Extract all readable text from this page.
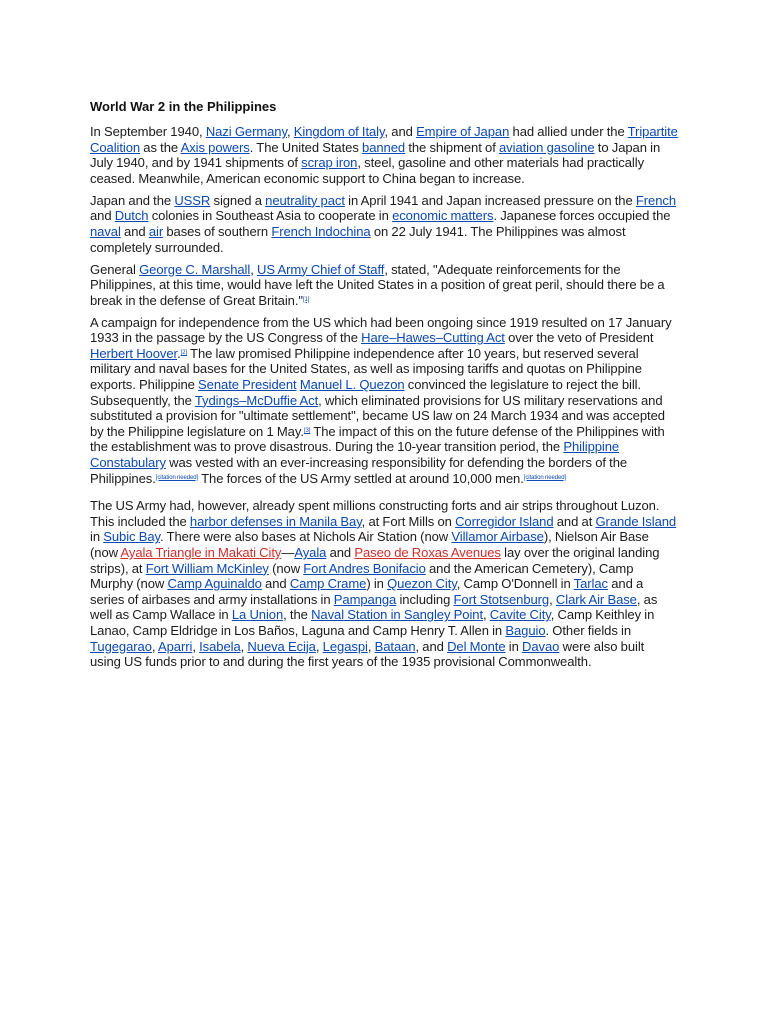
World War 2 in the Philippines

In September 1940, Nazi Germany, Kingdom of Italy, and Empire of Japan had allied under the Tripartite Coalition as the Axis powers. The United States banned the shipment of aviation gasoline to Japan in July 1940, and by 1941 shipments of scrap iron, steel, gasoline and other materials had practically ceased. Meanwhile, American economic support to China began to increase.

Japan and the USSR signed a neutrality pact in April 1941 and Japan increased pressure on the French and Dutch colonies in Southeast Asia to cooperate in economic matters. Japanese forces occupied the naval and air bases of southern French Indochina on 22 July 1941. The Philippines was almost completely surrounded.

General George C. Marshall, US Army Chief of Staff, stated, "Adequate reinforcements for the Philippines, at this time, would have left the United States in a position of great peril, should there be a break in the defense of Great Britain."[1]

A campaign for independence from the US which had been ongoing since 1919 resulted on 17 January 1933 in the passage by the US Congress of the Hare–Hawes–Cutting Act over the veto of President Herbert Hoover.[2] The law promised Philippine independence after 10 years, but reserved several military and naval bases for the United States, as well as imposing tariffs and quotas on Philippine exports. Philippine Senate President Manuel L. Quezon convinced the legislature to reject the bill. Subsequently, the Tydings–McDuffie Act, which eliminated provisions for US military reservations and substituted a provision for "ultimate settlement", became US law on 24 March 1934 and was accepted by the Philippine legislature on 1 May.[3] The impact of this on the future defense of the Philippines with the establishment was to prove disastrous. During the 10-year transition period, the Philippine Constabulary was vested with an ever-increasing responsibility for defending the borders of the Philippines.[citation needed] The forces of the US Army settled at around 10,000 men.[citation needed]

The US Army had, however, already spent millions constructing forts and air strips throughout Luzon. This included the harbor defenses in Manila Bay, at Fort Mills on Corregidor Island and at Grande Island in Subic Bay. There were also bases at Nichols Air Station (now Villamor Airbase), Nielson Air Base (now Ayala Triangle in Makati City—Ayala and Paseo de Roxas Avenues lay over the original landing strips), at Fort William McKinley (now Fort Andres Bonifacio and the American Cemetery), Camp Murphy (now Camp Aguinaldo and Camp Crame) in Quezon City, Camp O'Donnell in Tarlac and a series of airbases and army installations in Pampanga including Fort Stotsenburg, Clark Air Base, as well as Camp Wallace in La Union, the Naval Station in Sangley Point, Cavite City, Camp Keithley in Lanao, Camp Eldridge in Los Baños, Laguna and Camp Henry T. Allen in Baguio. Other fields in Tugegarao, Aparri, Isabela, Nueva Ecija, Legaspi, Bataan, and Del Monte in Davao were also built using US funds prior to and during the first years of the 1935 provisional Commonwealth.
